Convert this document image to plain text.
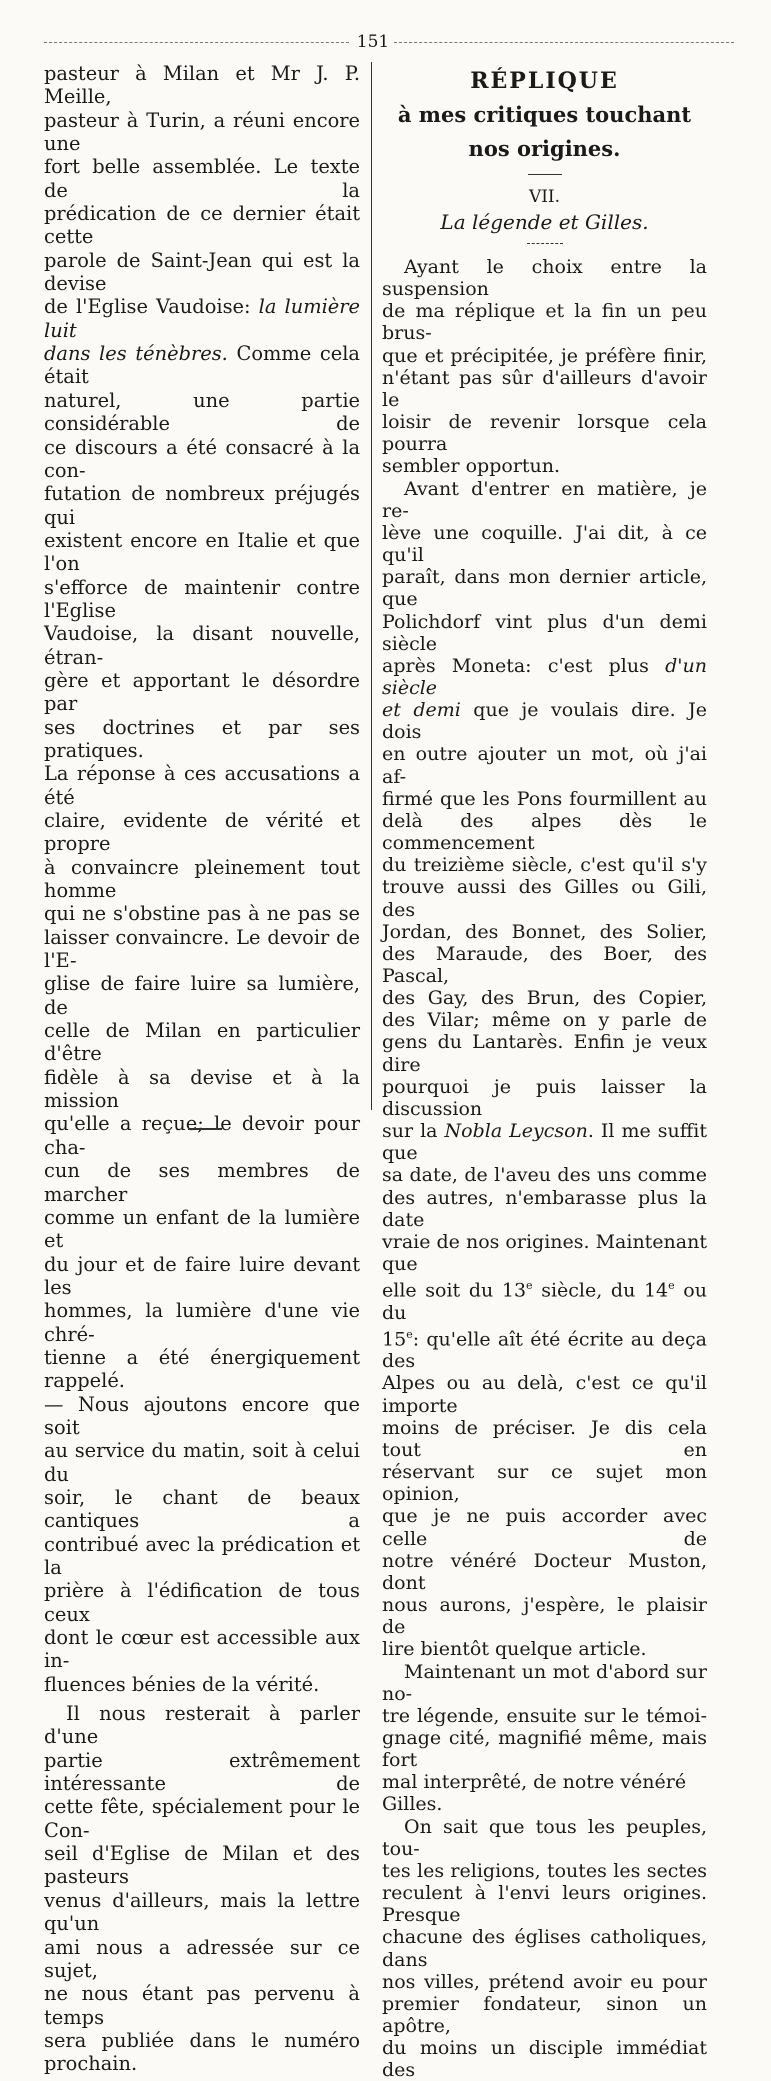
151

pasteur à Milan et Mr J. P. Meille,

pasteur à Turin, a réuni encore une

fort belle assemblée. Le texte de la

prédication de ce dernier était cette

parole de Saint-Jean qui est la devise

de l'Eglise Vaudoise: la lumière luit

dans les ténèbres. Comme cela était

naturel, une partie considérable de

ce discours a été consacré à la con-

futation de nombreux préjugés qui

existent encore en Italie et que l'on

s'efforce de maintenir contre l'Eglise

Vaudoise, la disant nouvelle, étran-

gère et apportant le désordre par

ses doctrines et par ses pratiques.

La réponse à ces accusations a été

claire, evidente de vérité et propre

à convaincre pleinement tout homme

qui ne s'obstine pas à ne pas se

laisser convaincre. Le devoir de l'E-

glise de faire luire sa lumière, de

celle de Milan en particulier d'être

fidèle à sa devise et à la mission

qu'elle a reçue; le devoir pour cha-

cun de ses membres de marcher

comme un enfant de la lumière et

du jour et de faire luire devant les

hommes, la lumière d'une vie chré-

tienne a été énergiquement rappelé.

— Nous ajoutons encore que soit

au service du matin, soit à celui du

soir, le chant de beaux cantiques a

contribué avec la prédication et la

prière à l'édification de tous ceux

dont le cœur est accessible aux in-

fluences bénies de la vérité.

Il nous resterait à parler d'une

partie extrêmement intéressante de

cette fête, spécialement pour le Con-

seil d'Eglise de Milan et des pasteurs

venus d'ailleurs, mais la lettre qu'un

ami nous a adressée sur ce sujet,

ne nous étant pas pervenu à temps

sera publiée dans le numéro prochain.

RÉPLIQUE
à mes critiques touchant nos origines.
VII.
La légende et Gilles.

Ayant le choix entre la suspension

de ma réplique et la fin un peu brus-

que et précipitée, je préfère finir,

n'étant pas sûr d'ailleurs d'avoir le

loisir de revenir lorsque cela pourra

sembler opportun.

Avant d'entrer en matière, je re-

lève une coquille. J'ai dit, à ce qu'il

paraît, dans mon dernier article, que

Polichdorf vint plus d'un demi siècle

après Moneta: c'est plus d'un siècle

et demi que je voulais dire. Je dois

en outre ajouter un mot, où j'ai af-

firmé que les Pons fourmillent au

delà des alpes dès le commencement

du treizième siècle, c'est qu'il s'y

trouve aussi des Gilles ou Gili, des

Jordan, des Bonnet, des Solier,

des Maraude, des Boer, des Pascal,

des Gay, des Brun, des Copier,

des Vilar; même on y parle de

gens du Lantarès. Enfin je veux dire

pourquoi je puis laisser la discussion

sur la Nobla Leycson. Il me suffit que

sa date, de l'aveu des uns comme

des autres, n'embarasse plus la date

vraie de nos origines. Maintenant que

elle soit du 13e siècle, du 14e ou du

15e: qu'elle aît été écrite au deça des

Alpes ou au delà, c'est ce qu'il importe

moins de préciser. Je dis cela tout en

réservant sur ce sujet mon opinion,

que je ne puis accorder avec celle de

notre vénéré Docteur Muston, dont

nous aurons, j'espère, le plaisir de

lire bientôt quelque article.

Maintenant un mot d'abord sur no-

tre légende, ensuite sur le témoi-

gnage cité, magnifié même, mais fort

mal interprêté, de notre vénéré Gilles.

On sait que tous les peuples, tou-

tes les religions, toutes les sectes

reculent à l'envi leurs origines. Presque

chacune des églises catholiques, dans

nos villes, prétend avoir eu pour

premier fondateur, sinon un apôtre,

du moins un disciple immédiat des
